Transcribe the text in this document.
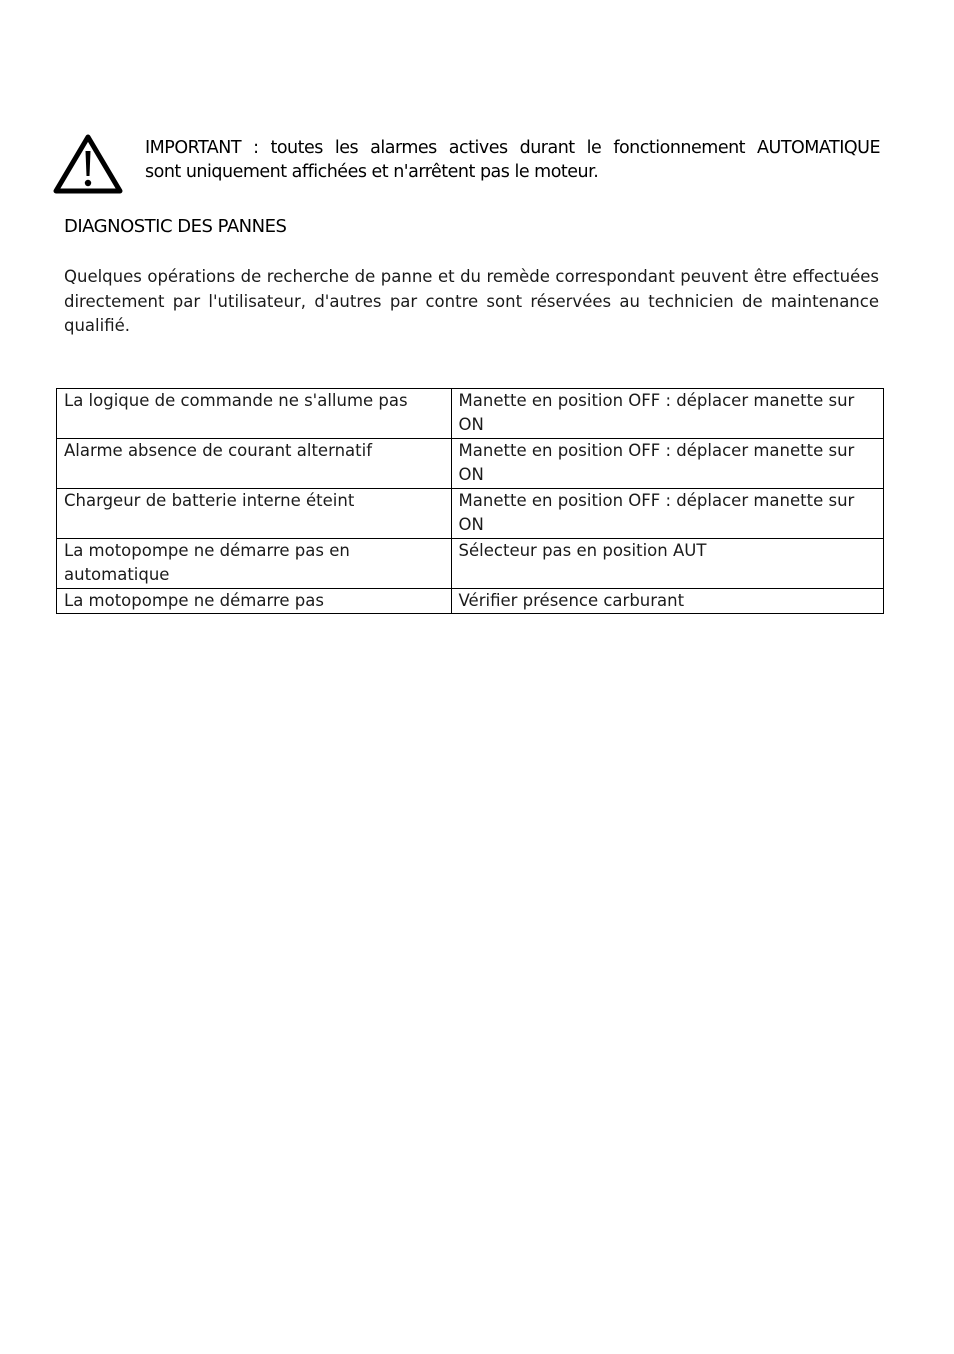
IMPORTANT : toutes les alarmes actives durant le fonctionnement AUTOMATIQUE
sont uniquement affichées et n'arrêtent pas le moteur.
DIAGNOSTIC DES PANNES

Quelques opérations de recherche de panne et du remède correspondant peuvent être effectuées directement par l'utilisateur, d'autres par contre sont réservées au technicien de maintenance qualifié.

La logique de commande ne s'allume pas	Manette en position OFF : déplacer manette sur ON
Alarme absence de courant alternatif	Manette en position OFF : déplacer manette sur ON
Chargeur de batterie interne éteint	Manette en position OFF : déplacer manette sur ON
La motopompe ne démarre pas en automatique	Sélecteur pas en position AUT
La motopompe ne démarre pas	Vérifier présence carburant
